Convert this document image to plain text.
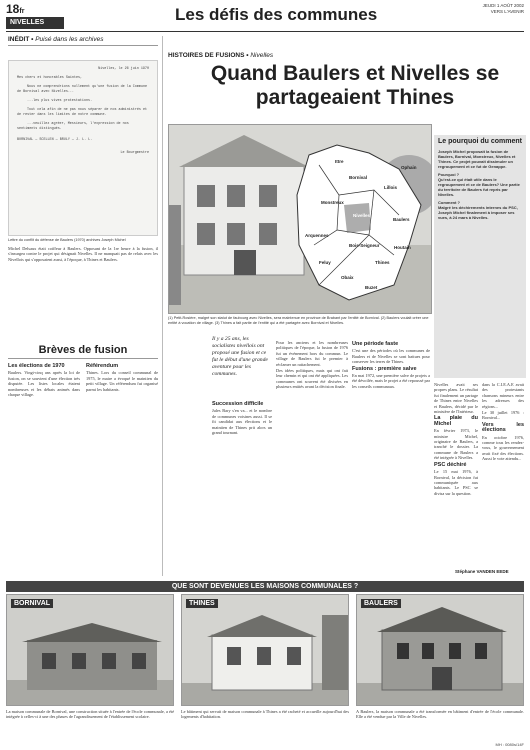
18fr
NIVELLES	Les défis des communes	JEUDI 1 AOÛT 2002
VERS L'AVENIR
INÉDIT • Puisé dans les archives
Nivelles, le 26 juin 1970
Mes chers et honorables Saintes,
Nous ne comprendrions nullement qu'une fusion de la Commune de Bornival avec Nivelles...
...les plus vives protestations.
Tout cela afin de ne pas nous séparer de nos administrés et de rester dans les limites de notre commune.
...veuillez agréer, Messieurs, l'expression de nos sentiments distingués.
BORNIVAL — SCELLEN — BRULY — J. L. L.
Le Bourgmestre
Lettre du conflit du défense de Baulers (1970) archives Joseph Michel

Michel Delsaux était coiffeur à Baulers. Opposant de la 1re heure à la fusion, il s'insurgea contre le projet qui désignait Nivelles. Il ne manquait pas de relais avec les Nivellois qui s'opposaient aussi, à l'époque, à Thines et Baulers.

Brèves de fusion
Les élections de 1970

Baulers. Vingt-cinq ans après la loi de fusion, on se souvient d'une élection très disputée. Les listes locales étaient nombreuses et les débats animés dans chaque village.

Référendum

Thines. Lors du conseil communal de 1975, le maire a évoqué le maintien du petit village. Un référendum fut organisé parmi les habitants.

HISTOIRES DE FUSIONS • Nivelles
Quand Baulers et Nivelles se partageaient Thines
Ittre
Bornival
Monstreux
Lillois
Baulers
Nivelles
Thines
Arquennes
Feluy
Obaix
Buzet
Houtain
Bois-Seigneur
Ophain
(1) Petit-Rosière, malgré son statut de faubourg avec Nivelles, sera maintenue en province de Brabant par l'entité de Bornival. (2) Baulers voulait créer une entité à vocation de village. (3) Thines a fait partie de l'entité qui a été partagée avec Bornival et Nivelles.
Le pourquoi du comment
Joseph Michel proposait la fusion de Baulers, Bornival, Monstreux, Nivelles et Thines. Ce projet pouvait dissimuler un regroupement et ce fut de Genappe.
Pourquoi ?
Qu'est-ce qui était utile dans le regroupement et ce de Baulers? Une partie du territoire de Baulers fut repris par Nivelles.
Comment ?
Malgré les déchirements internes du PSC, Joseph Michel finalement à imposer ses vues, à 24 mars à Nivelles.
Il y a 25 ans, les socialistes nivellois ont proposé une fusion et ce fut le début d'une grande aventure pour les communes.
Succession difficile

Jules Bary s'en va... et le nombre de communes voisines aussi. Il se fit candidat aux élections et le maintien de Thines prit alors un grand tournant.

Pour les anciens et les nombreuses politiques de l'époque, la fusion de 1976 fut un événement hors du commun. Le village de Baulers fut le premier à réclamer un rattachement.

Des idées politiques, mais qui ont fait leur chemin et qui ont été appliquées. Les communes ont souvent été divisées en plusieurs entités avant la décision finale.

Une période faste

C'est une des périodes où les communes de Baulers et de Nivelles se sont battues pour conserver les terres de Thines.

Fusions : première salve

En mai 1972, une première salve de projets a été dévoilée, mais le projet a été repoussé par les conseils communaux.	Nivelles avait ses propres plans. Le résultat fut finalement un partage de Thines entre Nivelles et Baulers, décidé par le ministère de l'Intérieur.

La plaie du Michel

En février 1973, le ministre Michel, originaire de Baulers, a tranché le dossier. La commune de Baulers a été intégrée à Nivelles.

PSC déchiré

Le 15 mai 1976, à Bornival, la décision fut communiquée aux habitants. Le PSC se divisa sur la question.

dans la C.I.E.A.E avait des protestants chansons mineurs entre les adresses des régions...

Le 30 juillet 1976 : Bornival...

Vers les élections

En octobre 1976, comme tous les rendez-vous, le gouvernement avait fixé des élections. Aussi le vote attendu...

Stéphane VANDEN EEDE
QUE SONT DEVENUES LES MAISONS COMMUNALES ?
BORNIVAL	THINES	BAULERS

La maison communale de Bornival, une construction située à l'entrée de l'école communale, a été intégrée à celles-ci à une des phases de l'agrandissement de l'établissement scolaire.

Le bâtiment qui servait de maison communale à Thines a été racheté et accueille aujourd'hui des logements d'habitation.

A Baulers, la maison communale a été transformée en bâtiment d'entrée de l'école communale. Elle a été vendue par la Ville de Nivelles.

MH : 0080s/14F
